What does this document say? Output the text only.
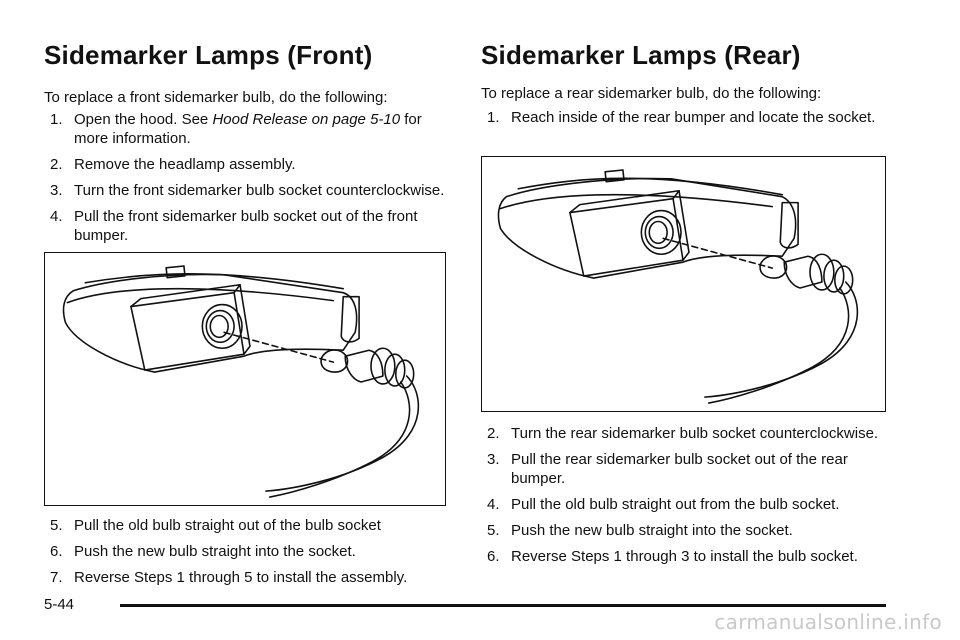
Sidemarker Lamps (Front)

To replace a front sidemarker bulb, do the following:

1. Open the hood. See Hood Release on page 5-10 for more information.
2. Remove the headlamp assembly.
3. Turn the front sidemarker bulb socket counterclockwise.
4. Pull the front sidemarker bulb socket out of the front bumper.
5. Pull the old bulb straight out of the bulb socket
6. Push the new bulb straight into the socket.
7. Reverse Steps 1 through 5 to install the assembly.
Sidemarker Lamps (Rear)

To replace a rear sidemarker bulb, do the following:

1. Reach inside of the rear bumper and locate the socket.
2. Turn the rear sidemarker bulb socket counterclockwise.
3. Pull the rear sidemarker bulb socket out of the rear bumper.
4. Pull the old bulb straight out from the bulb socket.
5. Push the new bulb straight into the socket.
6. Reverse Steps 1 through 3 to install the bulb socket.
5-44
carmanualsonline.info
